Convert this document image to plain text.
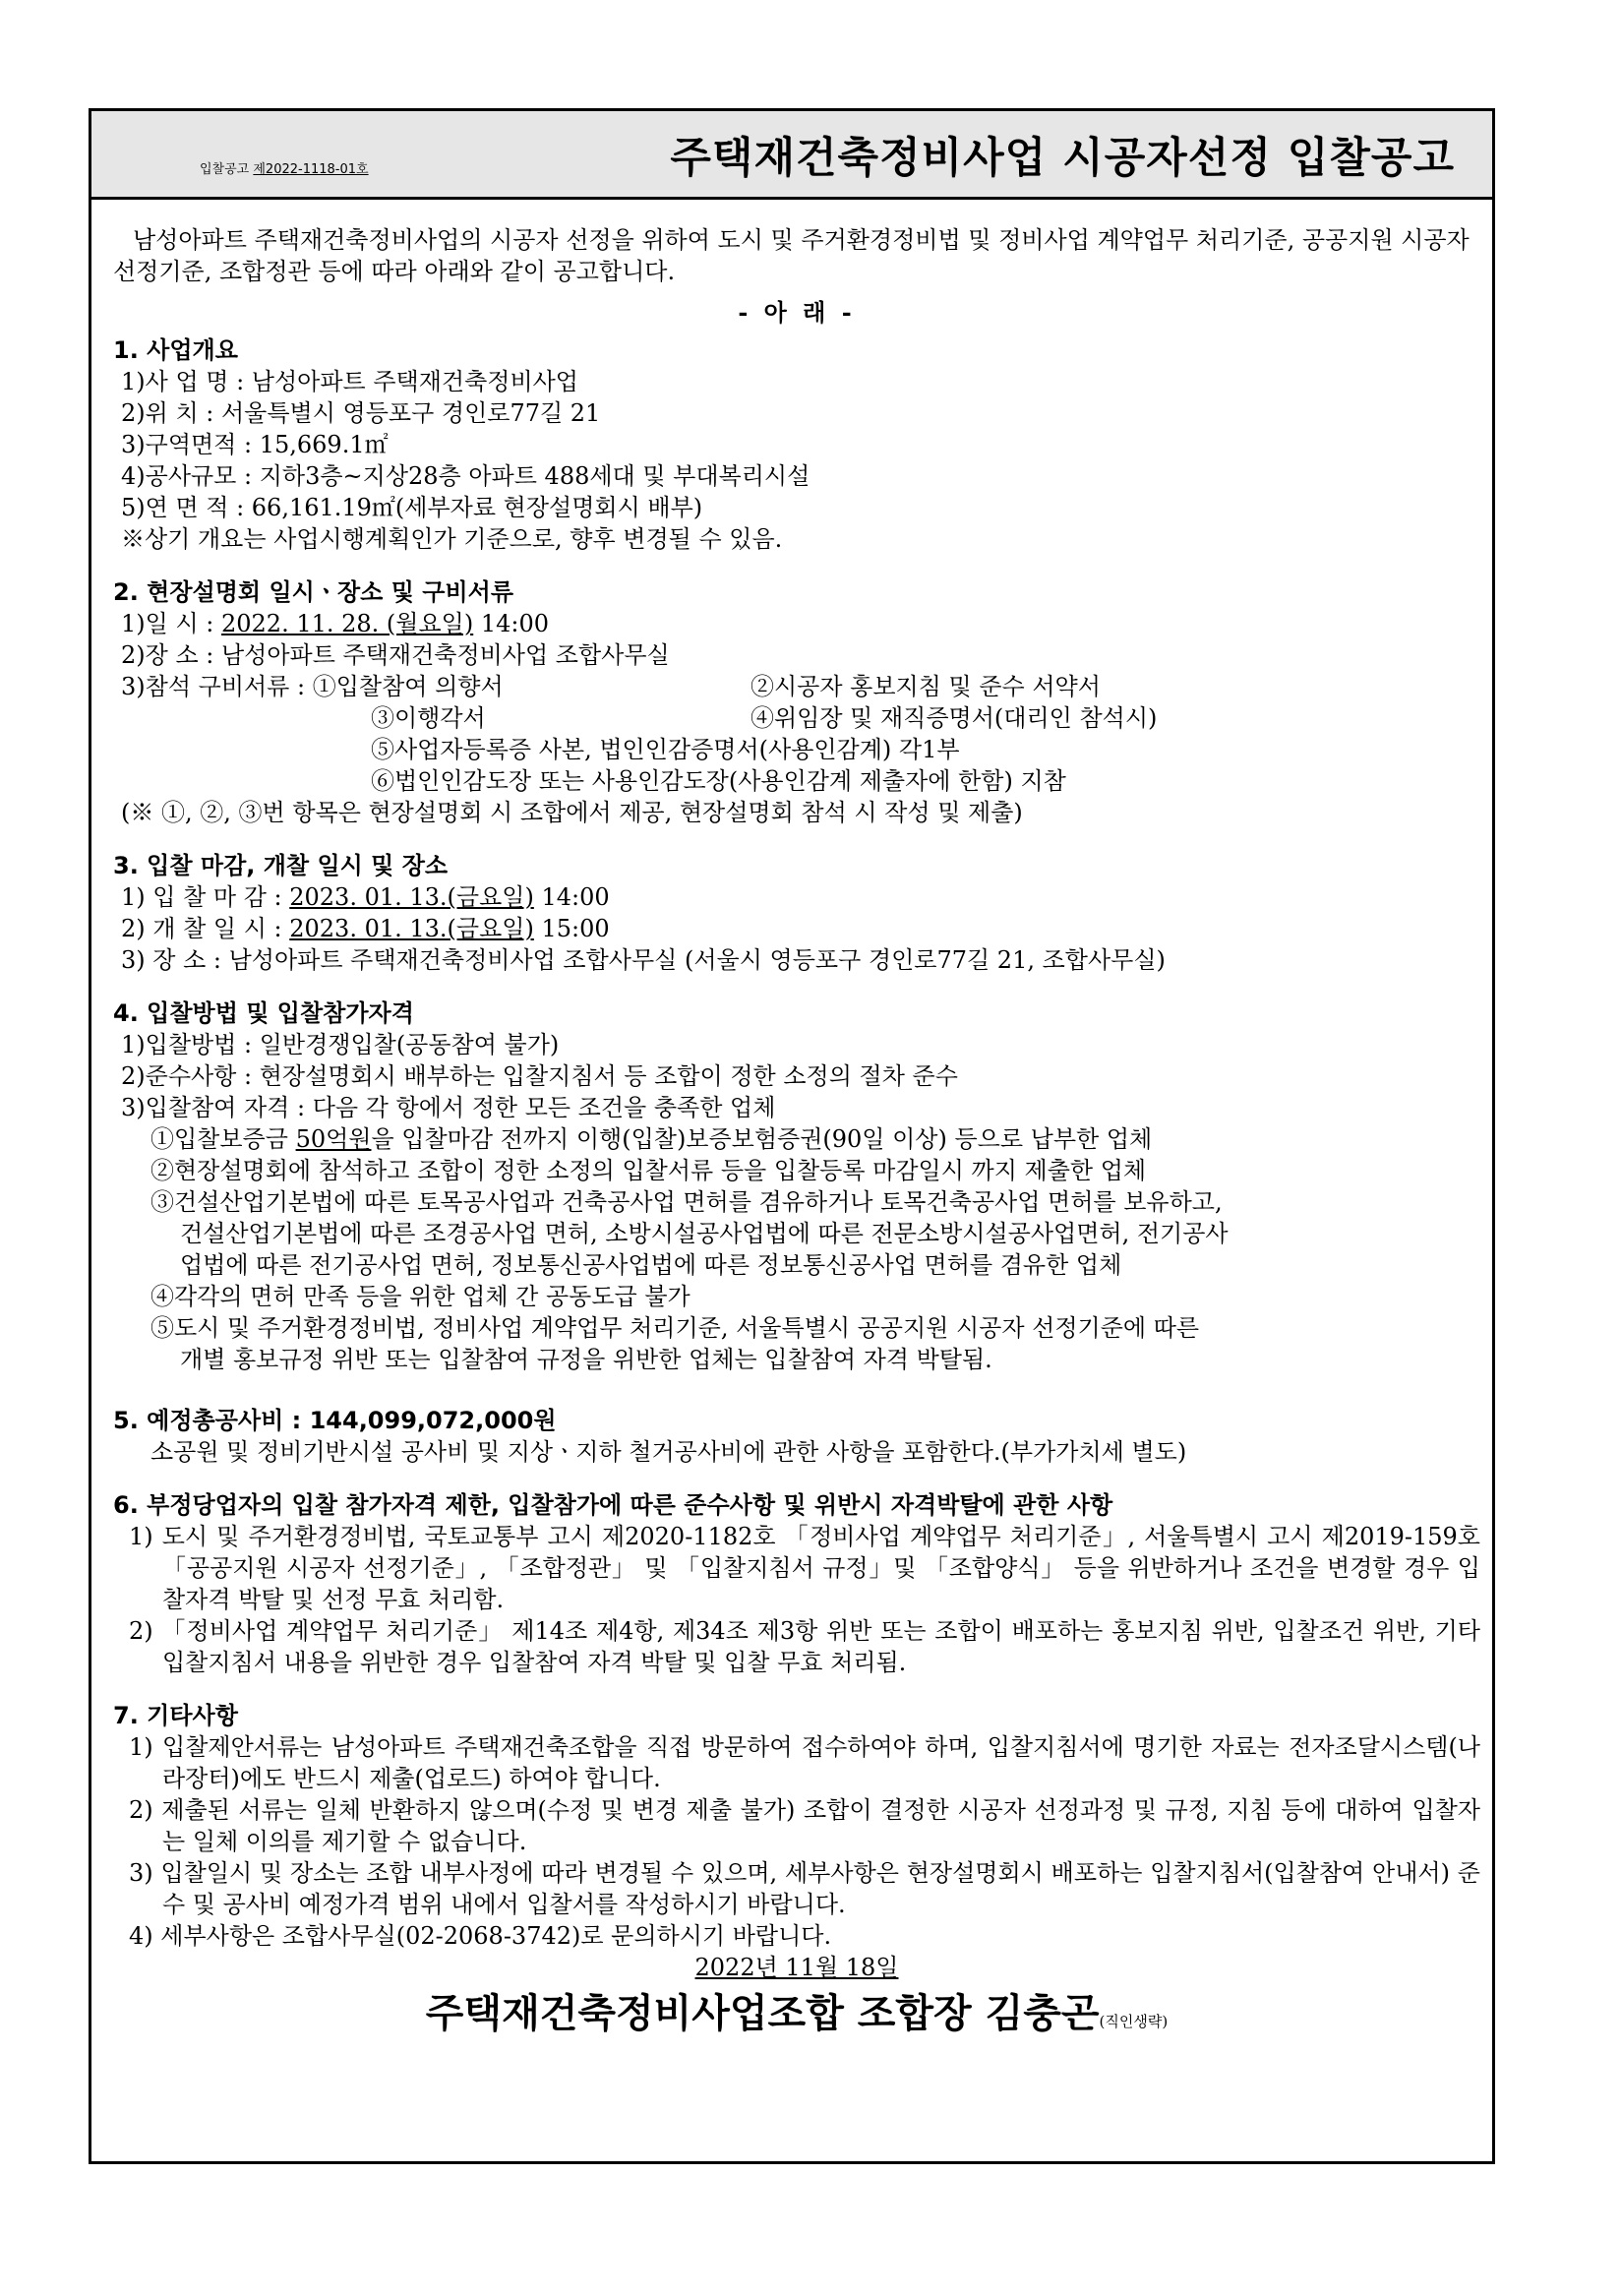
입찰공고 제2022-1118-01호	주택재건축정비사업 시공자선정 입찰공고

남성아파트 주택재건축정비사업의 시공자 선정을 위하여 도시 및 주거환경정비법 및 정비사업 계약업무 처리기준, 공공지원 시공자 선정기준, 조합정관 등에 따라 아래와 같이 공고합니다.

- 아 래 -
1. 사업개요
1)사 업 명 : 남성아파트 주택재건축정비사업
2)위 치 : 서울특별시 영등포구 경인로77길 21
3)구역면적 : 15,669.1㎡
4)공사규모 : 지하3층~지상28층 아파트 488세대 및 부대복리시설
5)연 면 적 : 66,161.19㎡(세부자료 현장설명회시 배부)
※상기 개요는 사업시행계획인가 기준으로, 향후 변경될 수 있음.
2. 현장설명회 일시ㆍ장소 및 구비서류
1)일 시 : 2022. 11. 28. (월요일) 14:00
2)장 소 : 남성아파트 주택재건축정비사업 조합사무실
3)참석 구비서류 : ①입찰참여 의향서	②시공자 홍보지침 및 준수 서약서
③이행각서	④위임장 및 재직증명서(대리인 참석시)
⑤사업자등록증 사본, 법인인감증명서(사용인감계) 각1부
⑥법인인감도장 또는 사용인감도장(사용인감계 제출자에 한함) 지참
(※ ①, ②, ③번 항목은 현장설명회 시 조합에서 제공, 현장설명회 참석 시 작성 및 제출)
3. 입찰 마감, 개찰 일시 및 장소
1) 입 찰 마 감 : 2023. 01. 13.(금요일) 14:00
2) 개 찰 일 시 : 2023. 01. 13.(금요일) 15:00
3) 장 소 : 남성아파트 주택재건축정비사업 조합사무실 (서울시 영등포구 경인로77길 21, 조합사무실)
4. 입찰방법 및 입찰참가자격
1)입찰방법 : 일반경쟁입찰(공동참여 불가)
2)준수사항 : 현장설명회시 배부하는 입찰지침서 등 조합이 정한 소정의 절차 준수
3)입찰참여 자격 : 다음 각 항에서 정한 모든 조건을 충족한 업체
①입찰보증금 50억원을 입찰마감 전까지 이행(입찰)보증보험증권(90일 이상) 등으로 납부한 업체
②현장설명회에 참석하고 조합이 정한 소정의 입찰서류 등을 입찰등록 마감일시 까지 제출한 업체
③건설산업기본법에 따른 토목공사업과 건축공사업 면허를 겸유하거나 토목건축공사업 면허를 보유하고,
건설산업기본법에 따른 조경공사업 면허, 소방시설공사업법에 따른 전문소방시설공사업면허, 전기공사
업법에 따른 전기공사업 면허, 정보통신공사업법에 따른 정보통신공사업 면허를 겸유한 업체
④각각의 면허 만족 등을 위한 업체 간 공동도급 불가
⑤도시 및 주거환경정비법, 정비사업 계약업무 처리기준, 서울특별시 공공지원 시공자 선정기준에 따른
개별 홍보규정 위반 또는 입찰참여 규정을 위반한 업체는 입찰참여 자격 박탈됨.
5. 예정총공사비 : 144,099,072,000원
소공원 및 정비기반시설 공사비 및 지상ㆍ지하 철거공사비에 관한 사항을 포함한다.(부가가치세 별도)
6. 부정당업자의 입찰 참가자격 제한, 입찰참가에 따른 준수사항 및 위반시 자격박탈에 관한 사항
1) 도시 및 주거환경정비법, 국토교통부 고시 제2020-1182호 「정비사업 계약업무 처리기준」, 서울특별시 고시 제2019-159호 「공공지원 시공자 선정기준」, 「조합정관」 및 「입찰지침서 규정」및 「조합양식」 등을 위반하거나 조건을 변경할 경우 입찰자격 박탈 및 선정 무효 처리함.
2) 「정비사업 계약업무 처리기준」 제14조 제4항, 제34조 제3항 위반 또는 조합이 배포하는 홍보지침 위반, 입찰조건 위반, 기타 입찰지침서 내용을 위반한 경우 입찰참여 자격 박탈 및 입찰 무효 처리됨.
7. 기타사항
1) 입찰제안서류는 남성아파트 주택재건축조합을 직접 방문하여 접수하여야 하며, 입찰지침서에 명기한 자료는 전자조달시스템(나라장터)에도 반드시 제출(업로드) 하여야 합니다.
2) 제출된 서류는 일체 반환하지 않으며(수정 및 변경 제출 불가) 조합이 결정한 시공자 선정과정 및 규정, 지침 등에 대하여 입찰자는 일체 이의를 제기할 수 없습니다.
3) 입찰일시 및 장소는 조합 내부사정에 따라 변경될 수 있으며, 세부사항은 현장설명회시 배포하는 입찰지침서(입찰참여 안내서) 준수 및 공사비 예정가격 범위 내에서 입찰서를 작성하시기 바랍니다.
4) 세부사항은 조합사무실(02-2068-3742)로 문의하시기 바랍니다.
2022년 11월 18일
주택재건축정비사업조합 조합장 김충곤(직인생략)
